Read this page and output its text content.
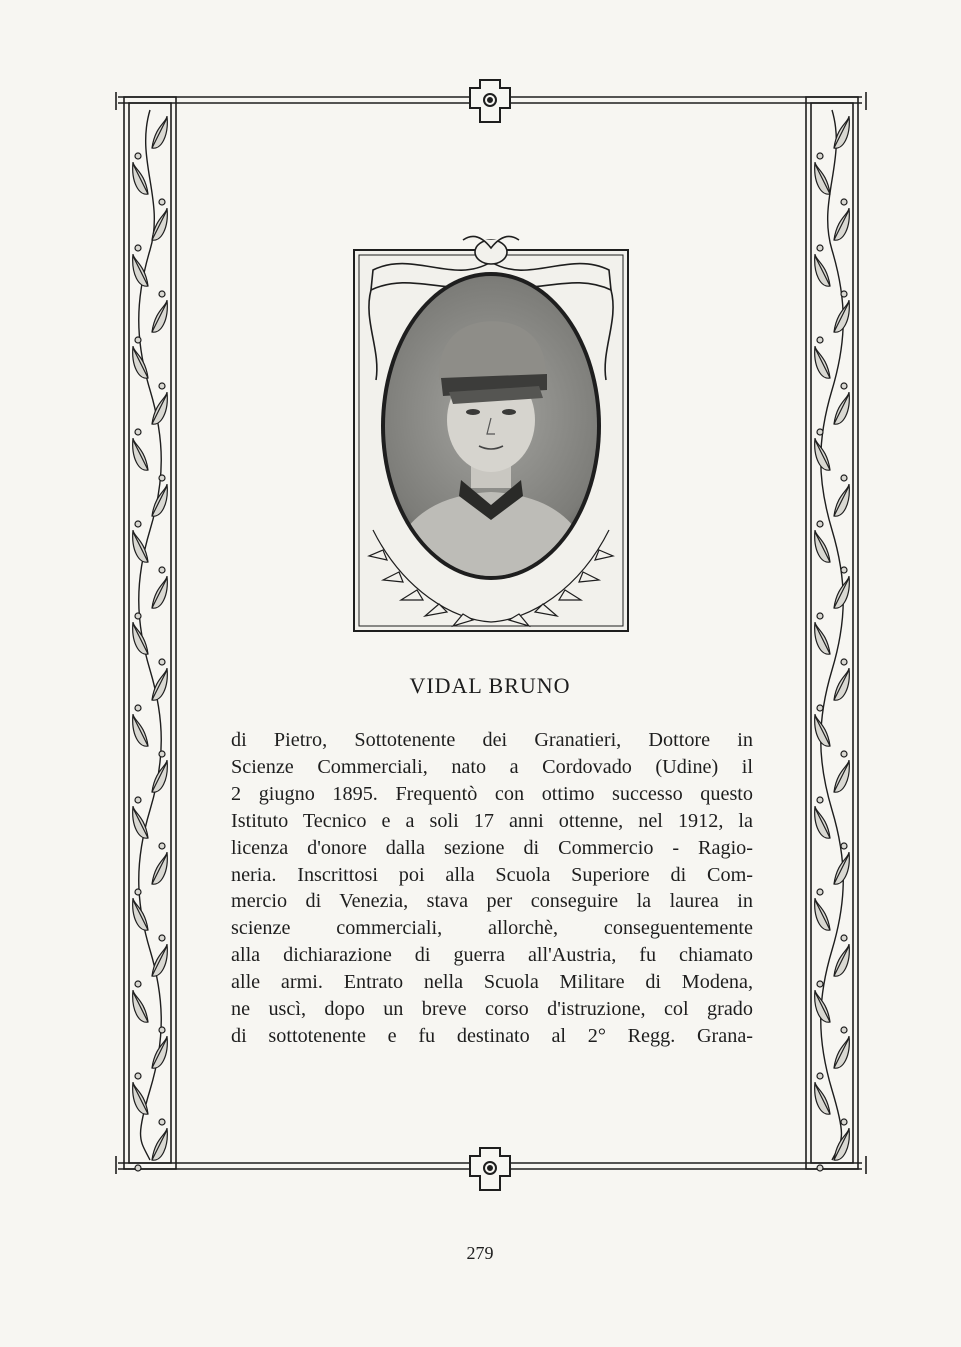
VIDAL BRUNO
di Pietro, Sottotenente dei Granatieri, Dottore in
Scienze Commerciali, nato a Cordovado (Udine) il
2 giugno 1895. Frequentò con ottimo successo questo
Istituto Tecnico e a soli 17 anni ottenne, nel 1912, la
licenza d'onore dalla sezione di Commercio - Ragio-
neria. Inscrittosi poi alla Scuola Superiore di Com-
mercio di Venezia, stava per conseguire la laurea in
scienze commerciali, allorchè, conseguentemente
alla dichiarazione di guerra all'Austria, fu chiamato
alle armi. Entrato nella Scuola Militare di Modena,
ne uscì, dopo un breve corso d'istruzione, col grado
di sottotenente e fu destinato al 2° Regg. Grana-
279
